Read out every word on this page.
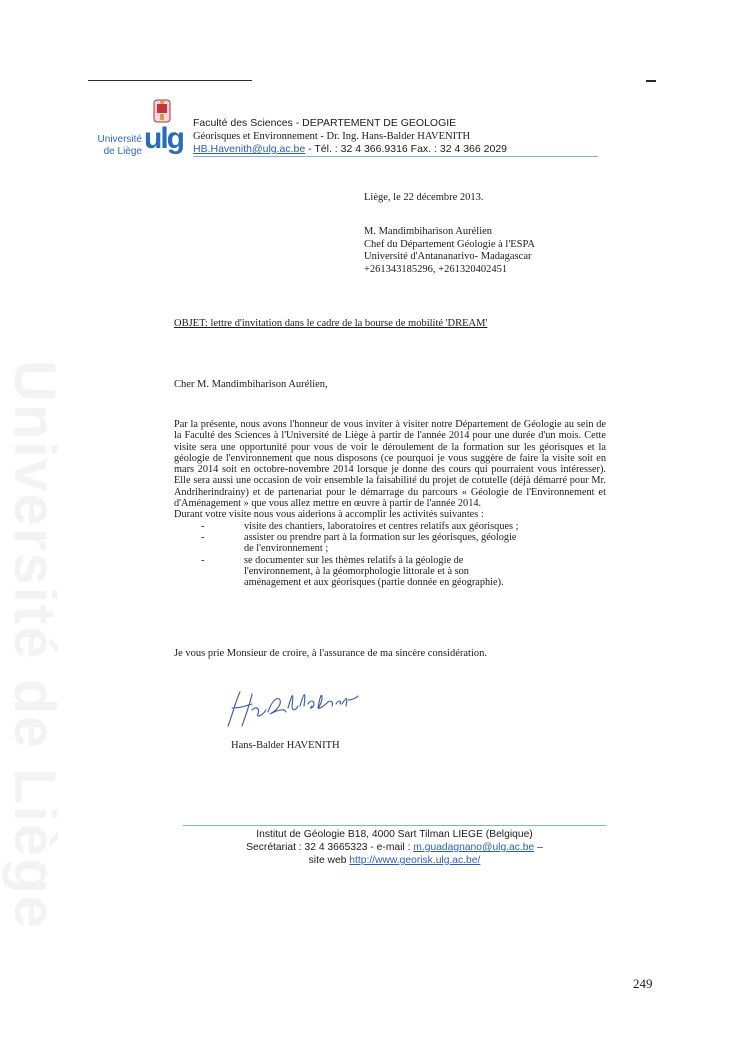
Université de Liège
ulg
Université
de Liège
Faculté des Sciences - DEPARTEMENT DE GEOLOGIE
Géorisques et Environnement - Dr. Ing. Hans-Balder HAVENITH
HB.Havenith@ulg.ac.be - Tél. : 32 4 366.9316 Fax. : 32 4 366 2029
Liège, le 22 décembre 2013.
M. Mandimbiharison Aurélien
Chef du Département Géologie à l'ESPA
Université d'Antananarivo- Madagascar
+261343185296, +261320402451
OBJET: lettre d'invitation dans le cadre de la bourse de mobilité 'DREAM'
Cher M. Mandimbiharison Aurélien,
Par la présente, nous avons l'honneur de vous inviter à visiter notre Département de Géologie au sein de la Faculté des Sciences à l'Université de Liège à partir de l'année 2014 pour une durée d'un mois. Cette visite sera une opportunité pour vous de voir le déroulement de la formation sur les géorisques et la géologie de l'environnement que nous disposons (ce pourquoi je vous suggère de faire la visite soit en mars 2014 soit en octobre-novembre 2014 lorsque je donne des cours qui pourraient vous intéresser). Elle sera aussi une occasion de voir ensemble la faisabilité du projet de cotutelle (déjà démarré pour Mr. Andriherindrainy) et de partenariat pour le démarrage du parcours « Géologie de l'Environnement et d'Aménagement » que vous allez mettre en œuvre à partir de l'année 2014.
Durant votre visite nous vous aiderions à accomplir les activités suivantes :
-	visite des chantiers, laboratoires et centres relatifs aux géorisques ;
-	assister ou prendre part à la formation sur les géorisques, géologie de l'environnement ;
-	se documenter sur les thèmes relatifs à la géologie de l'environnement, à la géomorphologie littorale et à son aménagement et aux géorisques (partie donnée en géographie).
Je vous prie Monsieur de croire, à l'assurance de ma sincère considération.
Hans-Balder HAVENITH
Institut de Géologie B18, 4000 Sart Tilman LIEGE (Belgique)
Secrétariat : 32 4 3665323 - e-mail : m.guadagnano@ulg.ac.be –
site web http://www.georisk.ulg.ac.be/
249
